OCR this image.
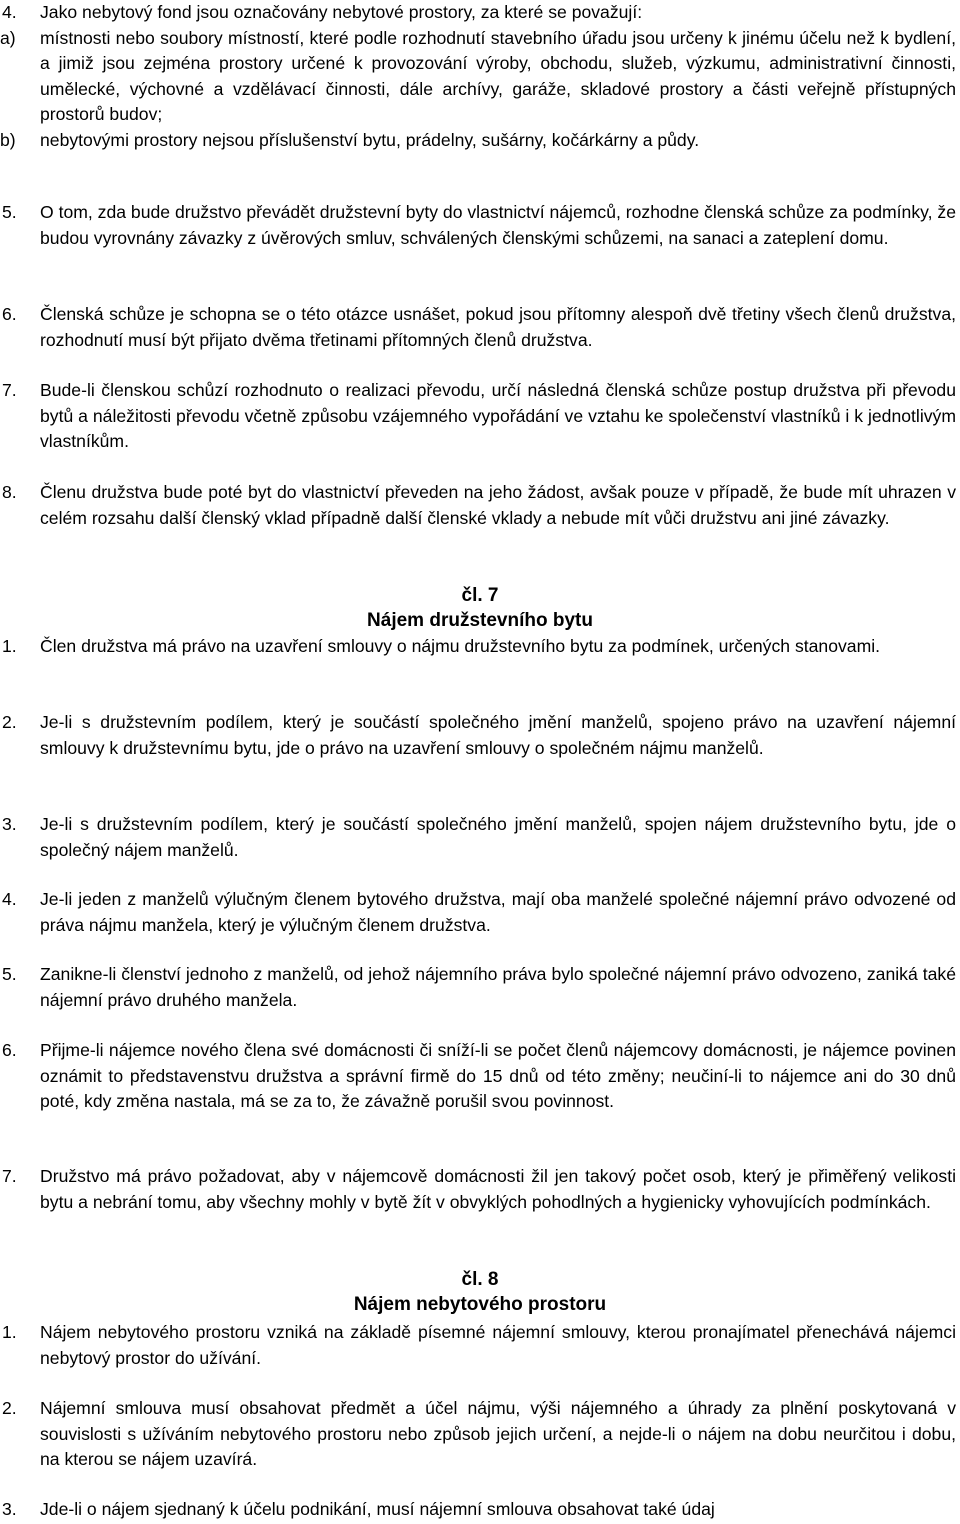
4. Jako nebytový fond jsou označovány nebytové prostory, za které se považují:
a) místnosti nebo soubory místností, které podle rozhodnutí stavebního úřadu jsou určeny k jinému účelu než k bydlení, a jimiž jsou zejména prostory určené k provozování výroby, obchodu, služeb, výzkumu, administrativní činnosti, umělecké, výchovné a vzdělávací činnosti, dále archívy, garáže, skladové prostory a části veřejně přístupných prostorů budov;
b) nebytovými prostory nejsou příslušenství bytu, prádelny, sušárny, kočárkárny a půdy.
5. O tom, zda bude družstvo převádět družstevní byty do vlastnictví nájemců, rozhodne členská schůze za podmínky, že budou vyrovnány závazky z úvěrových smluv, schválených členskými schůzemi, na sanaci a zateplení domu.
6. Členská schůze je schopna se o této otázce usnášet, pokud jsou přítomny alespoň dvě třetiny všech členů družstva, rozhodnutí musí být přijato dvěma třetinami přítomných členů družstva.
7. Bude-li členskou schůzí rozhodnuto o realizaci převodu, určí následná členská schůze postup družstva při převodu bytů a náležitosti převodu včetně způsobu vzájemného vypořádání ve vztahu ke společenství vlastníků i k jednotlivým vlastníkům.
8. Členu družstva bude poté byt do vlastnictví převeden na jeho žádost, avšak pouze v případě, že bude mít uhrazen v celém rozsahu další členský vklad případně další členské vklady a nebude mít vůči družstvu ani jiné závazky.
čl. 7
Nájem družstevního bytu
1. Člen družstva má právo na uzavření smlouvy o nájmu družstevního bytu za podmínek, určených stanovami.
2. Je-li s družstevním podílem, který je součástí společného jmění manželů, spojeno právo na uzavření nájemní smlouvy k družstevnímu bytu, jde o právo na uzavření smlouvy o společném nájmu manželů.
3. Je-li s družstevním podílem, který je součástí společného jmění manželů, spojen nájem družstevního bytu, jde o společný nájem manželů.
4. Je-li jeden z manželů výlučným členem bytového družstva, mají oba manželé společné nájemní právo odvozené od práva nájmu manžela, který je výlučným členem družstva.
5. Zanikne-li členství jednoho z manželů, od jehož nájemního práva bylo společné nájemní právo odvozeno, zaniká také nájemní právo druhého manžela.
6. Přijme-li nájemce nového člena své domácnosti či sníží-li se počet členů nájemcovy domácnosti, je nájemce povinen oznámit to představenstvu družstva a správní firmě do 15 dnů od této změny; neučiní-li to nájemce ani do 30 dnů poté, kdy změna nastala, má se za to, že závažně porušil svou povinnost.
7. Družstvo má právo požadovat, aby v nájemcově domácnosti žil jen takový počet osob, který je přiměřený velikosti bytu a nebrání tomu, aby všechny mohly v bytě žít v obvyklých pohodlných a hygienicky vyhovujících podmínkách.
čl. 8
Nájem nebytového prostoru
1. Nájem nebytového prostoru vzniká na základě písemné nájemní smlouvy, kterou pronajímatel přenechává nájemci nebytový prostor do užívání.
2. Nájemní smlouva musí obsahovat předmět a účel nájmu, výši nájemného a úhrady za plnění poskytovaná v souvislosti s užíváním nebytového prostoru nebo způsob jejich určení, a nejde-li o nájem na dobu neurčitou i dobu, na kterou se nájem uzavírá.
3. Jde-li o nájem sjednaný k účelu podnikání, musí nájemní smlouva obsahovat také údaj
